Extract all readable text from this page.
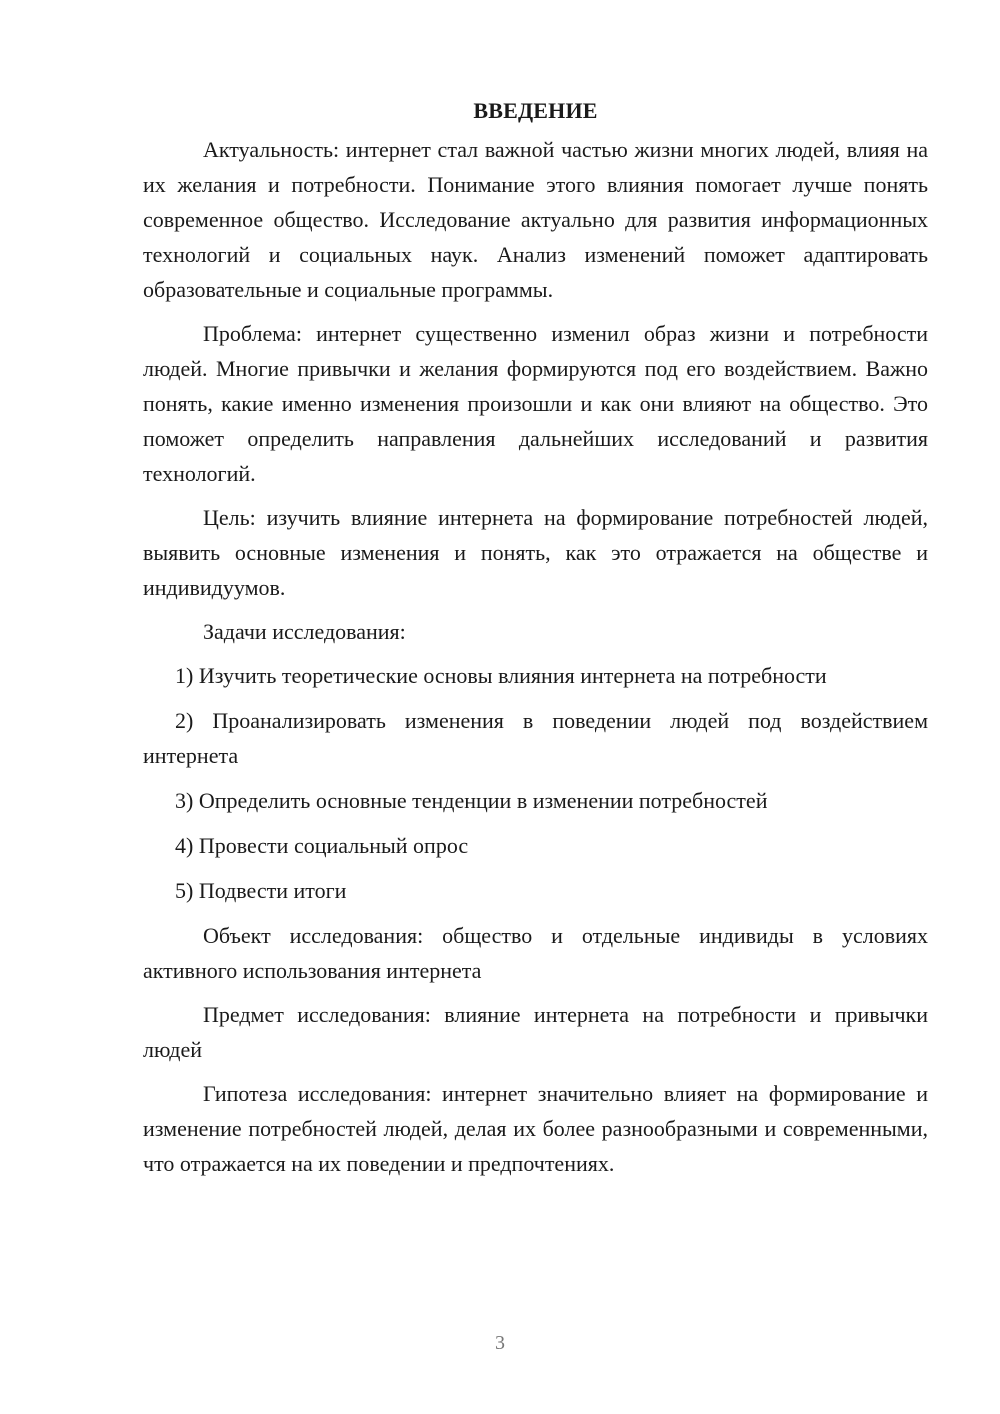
ВВЕДЕНИЕ

Актуальность: интернет стал важной частью жизни многих людей, влияя на их желания и потребности. Понимание этого влияния помогает лучше понять современное общество. Исследование актуально для развития информационных технологий и социальных наук. Анализ изменений поможет адаптировать образовательные и социальные программы.

Проблема: интернет существенно изменил образ жизни и потребности людей. Многие привычки и желания формируются под его воздействием. Важно понять, какие именно изменения произошли и как они влияют на общество. Это поможет определить направления дальнейших исследований и развития технологий.

Цель: изучить влияние интернета на формирование потребностей людей, выявить основные изменения и понять, как это отражается на обществе и индивидуумов.

Задачи исследования:

1) Изучить теоретические основы влияния интернета на потребности
2) Проанализировать изменения в поведении людей под воздействием интернета
3) Определить основные тенденции в изменении потребностей
4) Провести социальный опрос
5) Подвести итоги

Объект исследования: общество и отдельные индивиды в условиях активного использования интернета

Предмет исследования: влияние интернета на потребности и привычки людей

Гипотеза исследования: интернет значительно влияет на формирование и изменение потребностей людей, делая их более разнообразными и современными, что отражается на их поведении и предпочтениях.

3
